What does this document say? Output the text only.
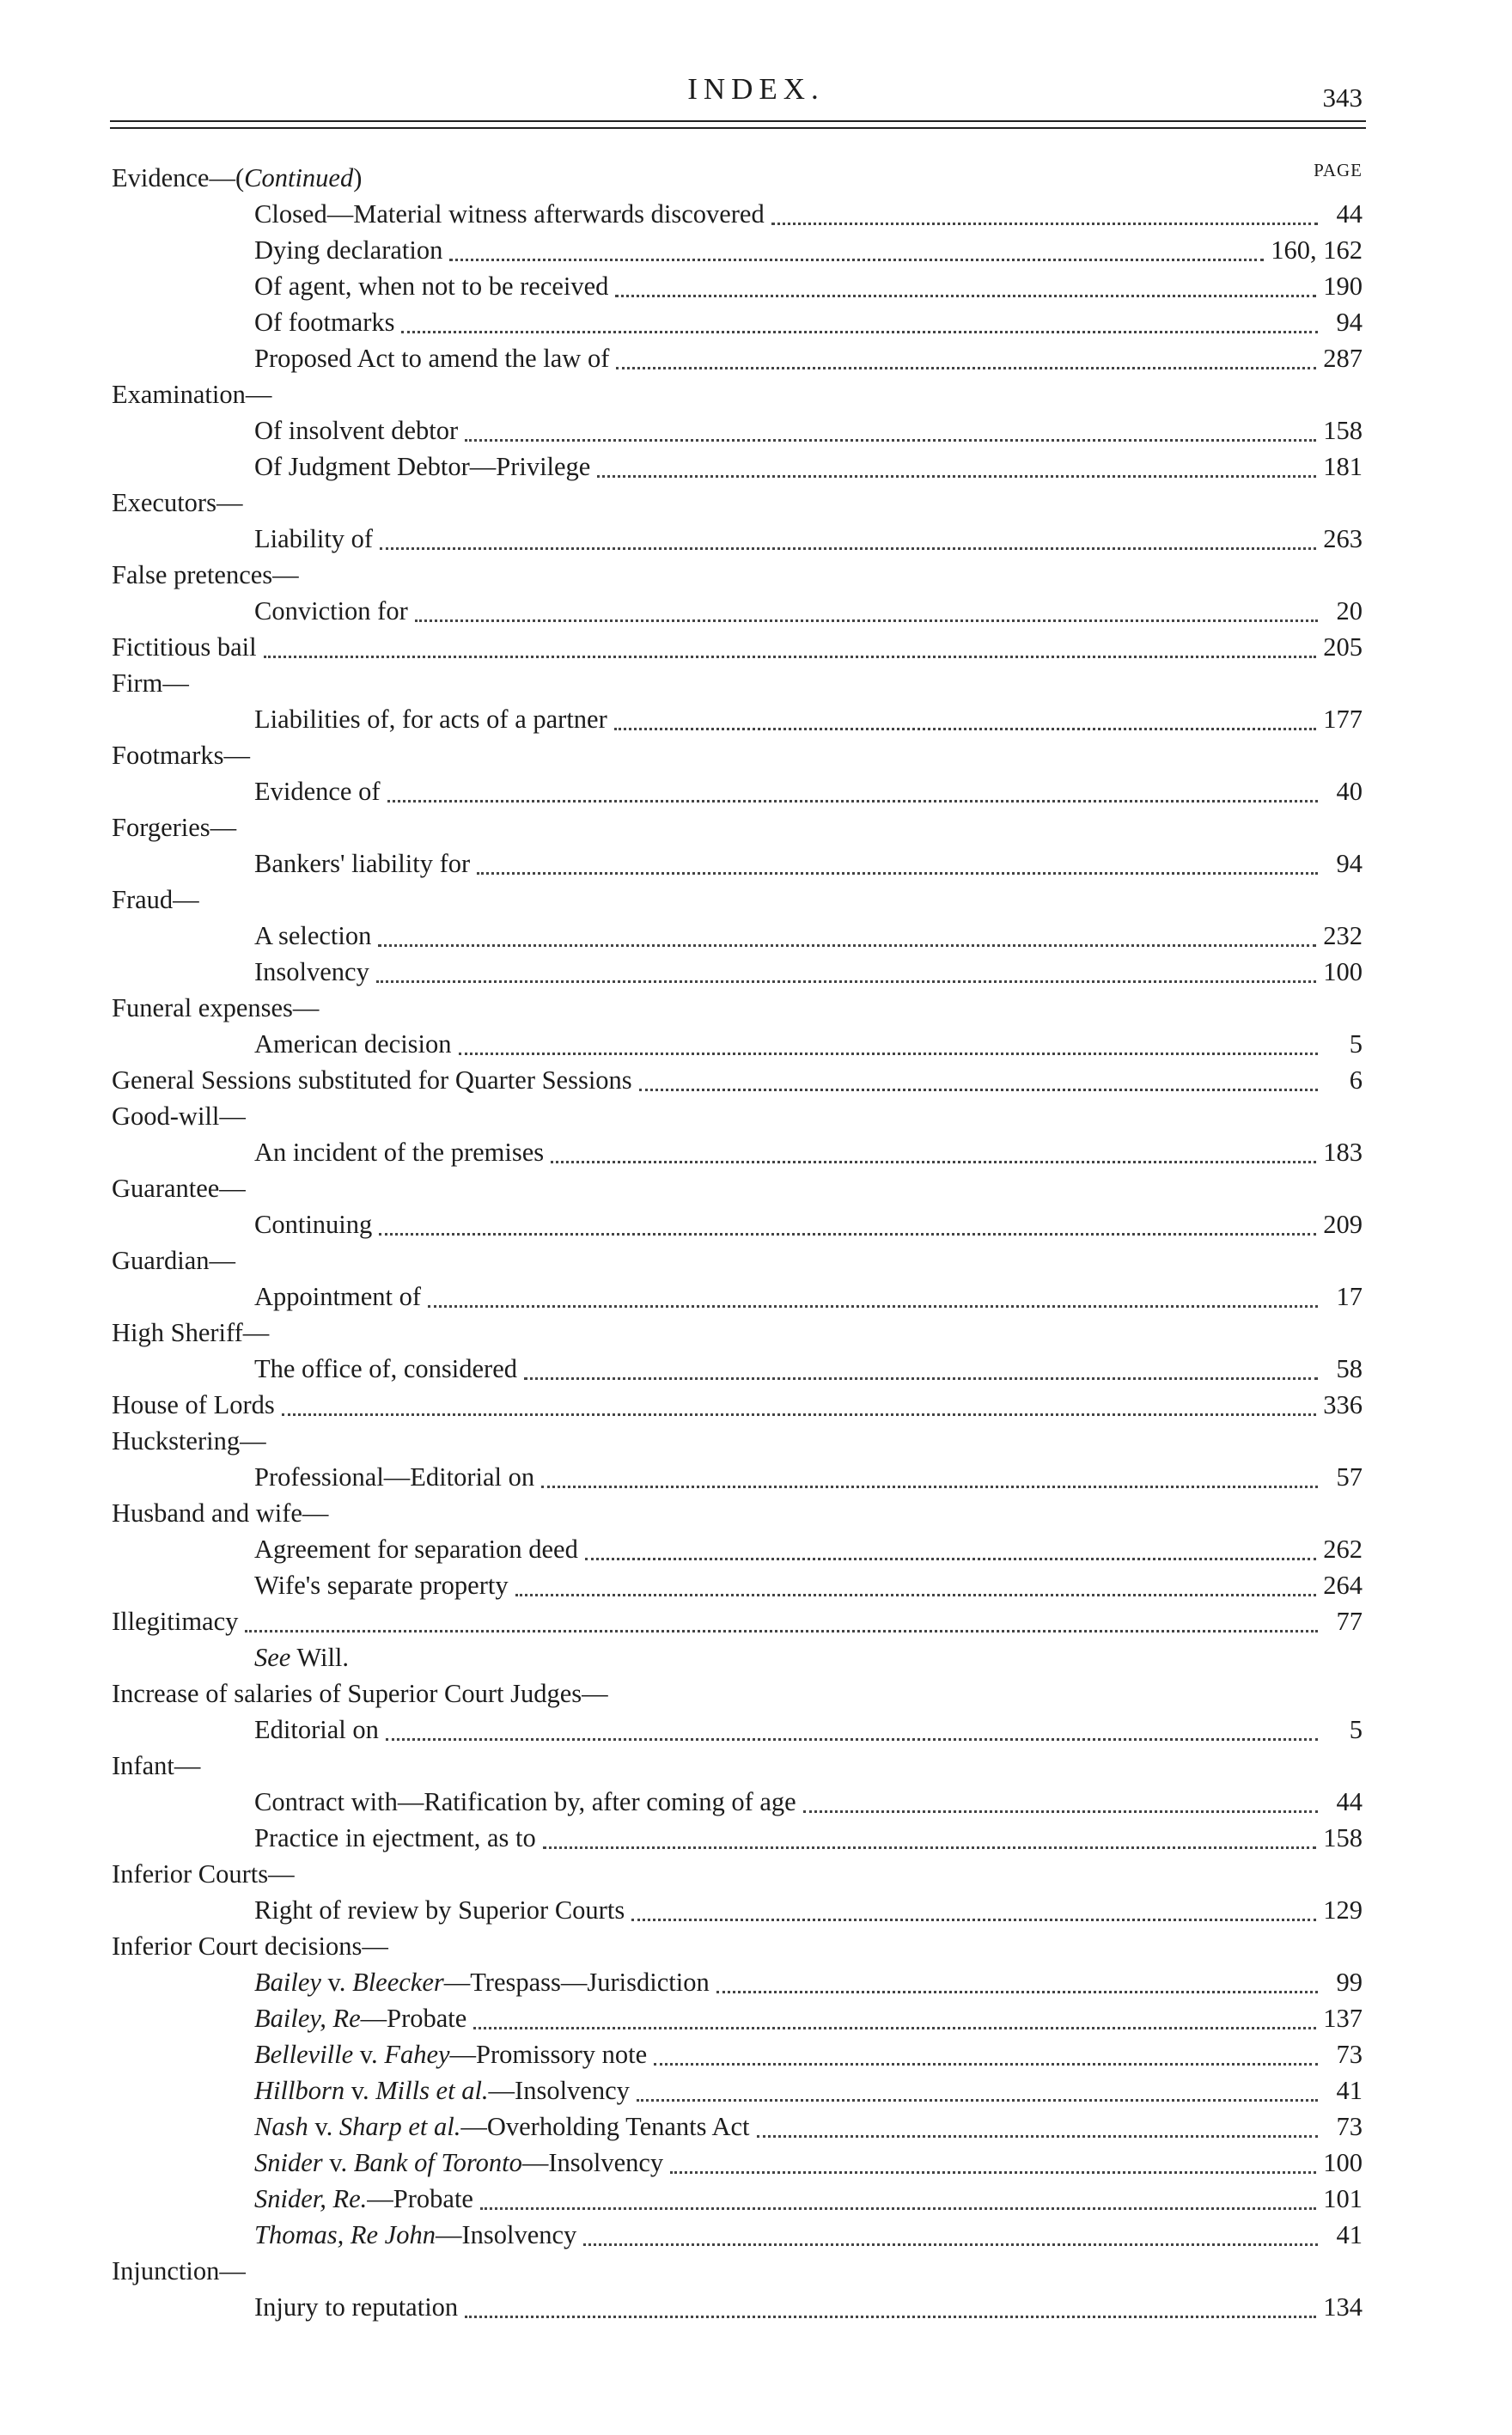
INDEX.	343
PAGE
Evidence—(Continued)
Closed—Material witness afterwards discovered	44
Dying declaration	160, 162
Of agent, when not to be received	190
Of footmarks	94
Proposed Act to amend the law of	287
Examination—
Of insolvent debtor	158
Of Judgment Debtor—Privilege	181
Executors—
Liability of	263
False pretences—
Conviction for	20
Fictitious bail	205
Firm—
Liabilities of, for acts of a partner	177
Footmarks—
Evidence of	40
Forgeries—
Bankers' liability for	94
Fraud—
A selection	232
Insolvency	100
Funeral expenses—
American decision	5
General Sessions substituted for Quarter Sessions	6
Good-will—
An incident of the premises	183
Guarantee—
Continuing	209
Guardian—
Appointment of	17
High Sheriff—
The office of, considered	58
House of Lords	336
Huckstering—
Professional—Editorial on	57
Husband and wife—
Agreement for separation deed	262
Wife's separate property	264
Illegitimacy	77
See Will.
Increase of salaries of Superior Court Judges—
Editorial on	5
Infant—
Contract with—Ratification by, after coming of age	44
Practice in ejectment, as to	158
Inferior Courts—
Right of review by Superior Courts	129
Inferior Court decisions—
Bailey v. Bleecker—Trespass—Jurisdiction	99
Bailey, Re—Probate	137
Belleville v. Fahey—Promissory note	73
Hillborn v. Mills et al.—Insolvency	41
Nash v. Sharp et al.—Overholding Tenants Act	73
Snider v. Bank of Toronto—Insolvency	100
Snider, Re.—Probate	101
Thomas, Re John—Insolvency	41
Injunction—
Injury to reputation	134
